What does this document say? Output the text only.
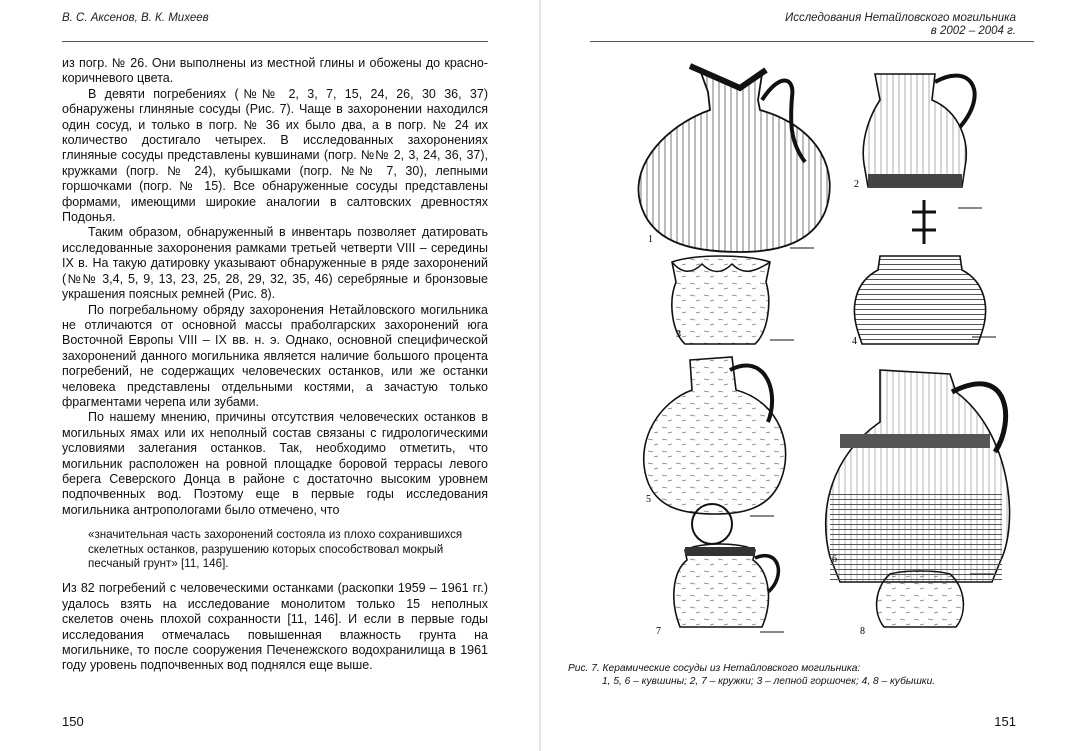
В. С. Аксенов, В. К. Михеев

из погр. № 26. Они выполнены из местной глины и обожены до красно-коричневого цвета.

В девяти погребениях (№№ 2, 3, 7, 15, 24, 26, 30 36, 37) обнаружены глиняные сосуды (Рис. 7). Чаще в захоронении находился один сосуд, и только в погр. № 36 их было два, а в погр. № 24 их количество достигало четырех. В исследованных захоронениях глиняные сосуды представлены кувшинами (погр. №№ 2, 3, 24, 36, 37), кружками (погр. № 24), кубышками (погр. №№ 7, 30), лепными горшочками (погр. № 15). Все обнаруженные сосуды представлены формами, имеющими широкие аналогии в салтовских древностях Подонья.

Таким образом, обнаруженный в инвентарь позволяет датировать исследованные захоронения рамками третьей четверти VIII – середины IX в. На такую датировку указывают обнаруженные в ряде захоронений (№№ 3,4, 5, 9, 13, 23, 25, 28, 29, 32, 35, 46) серебряные и бронзовые украшения поясных ремней (Рис. 8).

По погребальному обряду захоронения Нетайловского могильника не отличаются от основной массы праболгарских захоронений юга Восточной Европы VIII – IX вв. н. э. Однако, основной специфической захоронений данного могильника является наличие большого процента погребений, не содержащих человеческих останков, или же останки человека представлены отдельными костями, а зачастую только фрагментами черепа или зубами.

По нашему мнению, причины отсутствия человеческих останков в могильных ямах или их неполный состав связаны с гидрологическими условиями залегания останков. Так, необходимо отметить, что могильник расположен на ровной площадке боровой террасы левого берега Северского Донца в районе с достаточно высоким уровнем подпочвенных вод. Поэтому еще в первые годы исследования могильника антропологами было отмечено, что

«значительная часть захоронений состояла из плохо сохранившихся скелетных останков, разрушению которых способствовал мокрый песчаный грунт» [11, 146].

Из 82 погребений с человеческими останками (раскопки 1959 – 1961 гг.) удалось взять на исследование монолитом только 15 неполных скелетов очень плохой сохранности [11, 146]. И если в первые годы исследования отмечалась повышенная влажность грунта на могильнике, то после сооружения Печенежского водохранилища в 1961 году уровень подпочвенных вод поднялся еще выше.

150
Исследования Нетайловского могильника
в 2002 – 2004 г.
1
2
3
4
5
6
7	8
Рис. 7. Керамические сосуды из Нетайловского могильника:
1, 5, 6 – кувшины; 2, 7 – кружки; 3 – лепной горшочек; 4, 8 – кубышки.
151
